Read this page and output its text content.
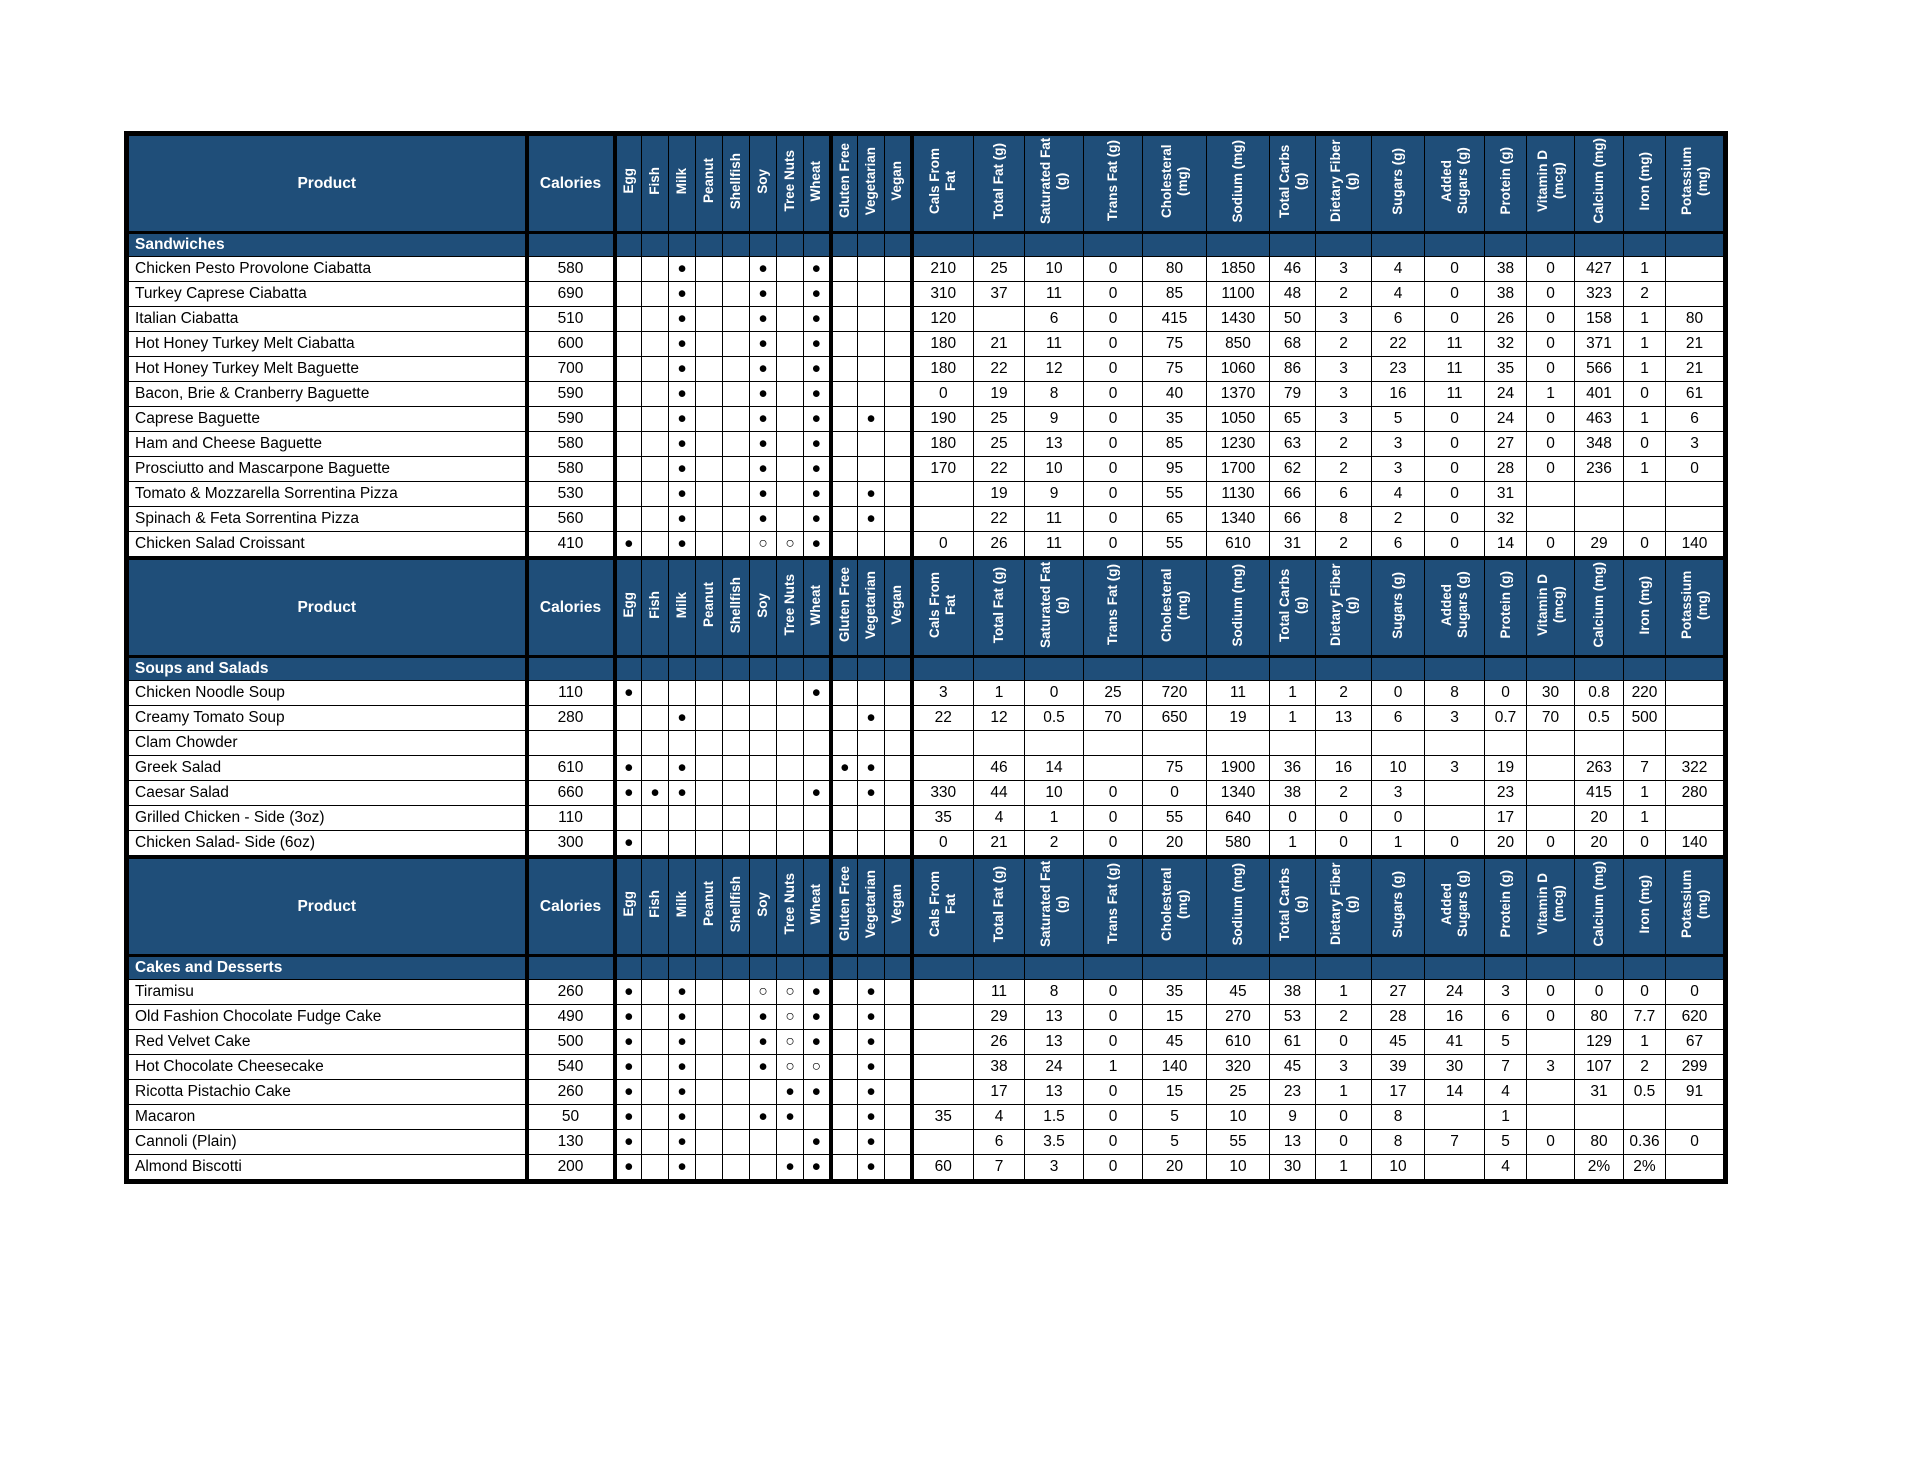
Product	Calories	Egg	Fish	Milk	Peanut	Shellfish	Soy	Tree Nuts	Wheat	Gluten Free	Vegetarian	Vegan	Cals From Fat	Total Fat (g)	Saturated Fat (g)	Trans Fat (g)	Cholesteral (mg)	Sodium (mg)	Total Carbs (g)	Dietary Fiber (g)	Sugars (g)	Added Sugars (g)	Protein (g)	Vitamin D (mcg)	Calcium (mg)	Iron (mg)	Potassium (mg)
Sandwiches																											
Chicken Pesto Provolone Ciabatta	580			●			●		●				210	25	10	0	80	1850	46	3	4	0	38	0	427	1	
Turkey Caprese Ciabatta	690			●			●		●				310	37	11	0	85	1100	48	2	4	0	38	0	323	2	
Italian Ciabatta	510			●			●		●				120		6	0	415	1430	50	3	6	0	26	0	158	1	80
Hot Honey Turkey Melt Ciabatta	600			●			●		●				180	21	11	0	75	850	68	2	22	11	32	0	371	1	21
Hot Honey Turkey Melt Baguette	700			●			●		●				180	22	12	0	75	1060	86	3	23	11	35	0	566	1	21
Bacon, Brie & Cranberry Baguette	590			●			●		●				0	19	8	0	40	1370	79	3	16	11	24	1	401	0	61
Caprese Baguette	590			●			●		●		●		190	25	9	0	35	1050	65	3	5	0	24	0	463	1	6
Ham and Cheese Baguette	580			●			●		●				180	25	13	0	85	1230	63	2	3	0	27	0	348	0	3
Prosciutto and Mascarpone Baguette	580			●			●		●				170	22	10	0	95	1700	62	2	3	0	28	0	236	1	0
Tomato & Mozzarella Sorrentina Pizza	530			●			●		●		●			19	9	0	55	1130	66	6	4	0	31				
Spinach & Feta Sorrentina Pizza	560			●			●		●		●			22	11	0	65	1340	66	8	2	0	32				
Chicken Salad Croissant	410	●		●			○	○	●				0	26	11	0	55	610	31	2	6	0	14	0	29	0	140
Product	Calories	Egg	Fish	Milk	Peanut	Shellfish	Soy	Tree Nuts	Wheat	Gluten Free	Vegetarian	Vegan	Cals From Fat	Total Fat (g)	Saturated Fat (g)	Trans Fat (g)	Cholesteral (mg)	Sodium (mg)	Total Carbs (g)	Dietary Fiber (g)	Sugars (g)	Added Sugars (g)	Protein (g)	Vitamin D (mcg)	Calcium (mg)	Iron (mg)	Potassium (mg)
Soups and Salads																											
Chicken Noodle Soup	110	●							●				3	1	0	25	720	11	1	2	0	8	0	30	0.8	220	
Creamy Tomato Soup	280			●							●		22	12	0.5	70	650	19	1	13	6	3	0.7	70	0.5	500	
Clam Chowder																											
Greek Salad	610	●		●						●	●			46	14		75	1900	36	16	10	3	19		263	7	322
Caesar Salad	660	●	●	●					●		●		330	44	10	0	0	1340	38	2	3		23		415	1	280
Grilled Chicken - Side (3oz)	110												35	4	1	0	55	640	0	0	0		17		20	1	
Chicken Salad- Side (6oz)	300	●											0	21	2	0	20	580	1	0	1	0	20	0	20	0	140
Product	Calories	Egg	Fish	Milk	Peanut	Shellfish	Soy	Tree Nuts	Wheat	Gluten Free	Vegetarian	Vegan	Cals From Fat	Total Fat (g)	Saturated Fat (g)	Trans Fat (g)	Cholesteral (mg)	Sodium (mg)	Total Carbs (g)	Dietary Fiber (g)	Sugars (g)	Added Sugars (g)	Protein (g)	Vitamin D (mcg)	Calcium (mg)	Iron (mg)	Potassium (mg)
Cakes and Desserts																											
Tiramisu	260	●		●			○	○	●		●			11	8	0	35	45	38	1	27	24	3	0	0	0	0
Old Fashion Chocolate Fudge Cake	490	●		●			●	○	●		●			29	13	0	15	270	53	2	28	16	6	0	80	7.7	620
Red Velvet Cake	500	●		●			●	○	●		●			26	13	0	45	610	61	0	45	41	5		129	1	67
Hot Chocolate Cheesecake	540	●		●			●	○	○		●			38	24	1	140	320	45	3	39	30	7	3	107	2	299
Ricotta Pistachio Cake	260	●		●				●	●		●			17	13	0	15	25	23	1	17	14	4		31	0.5	91
Macaron	50	●		●			●	●			●		35	4	1.5	0	5	10	9	0	8		1				
Cannoli (Plain)	130	●		●					●		●			6	3.5	0	5	55	13	0	8	7	5	0	80	0.36	0
Almond Biscotti	200	●		●				●	●		●		60	7	3	0	20	10	30	1	10		4		2%	2%	
